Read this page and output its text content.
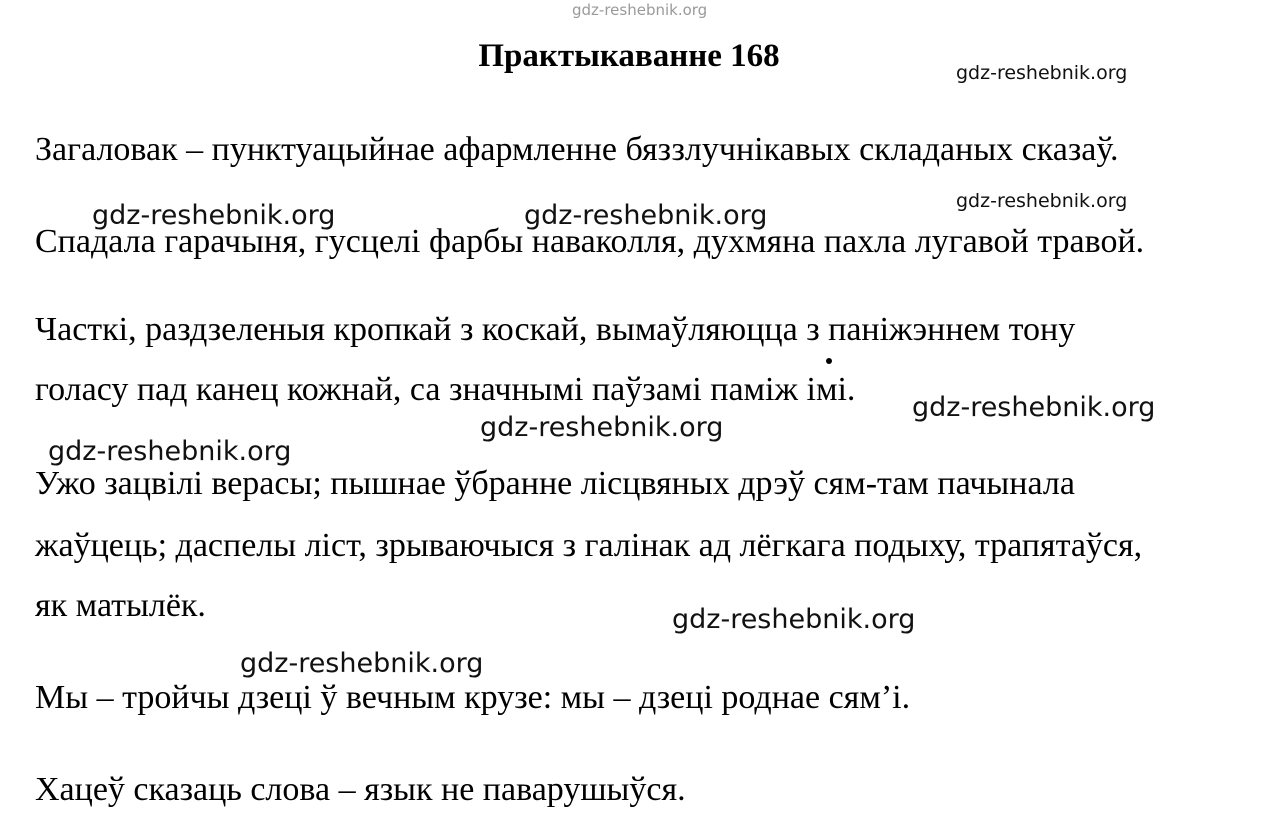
gdz-reshebnik.org
Практыкаванне 168
Загаловак – пунктуацыйнае афармленне бяззлучнікавых складаных сказаў.
Спадала гарачыня, гусцелі фарбы наваколля, духмяна пахла лугавой травой.
Часткі, раздзеленыя кропкай з коскай, вымаўляюцца з паніжэннем тону
голасу пад канец кожнай, са значнымі паўзамі паміж імі.
Ужо зацвілі верасы; пышнае ўбранне лісцвяных дрэў сям-там пачынала
жаўцець; даспелы ліст, зрываючыся з галінак ад лёгкага подыху, трапятаўся,
як матылёк.
Мы – тройчы дзеці ў вечным крузе: мы – дзеці роднае сям’і.
Хацеў сказаць слова – язык не паварушыўся.
gdz-reshebnik.org
gdz-reshebnik.org
gdz-reshebnik.org	gdz-reshebnik.org
gdz-reshebnik.org
gdz-reshebnik.org
gdz-reshebnik.org
gdz-reshebnik.org
gdz-reshebnik.org
